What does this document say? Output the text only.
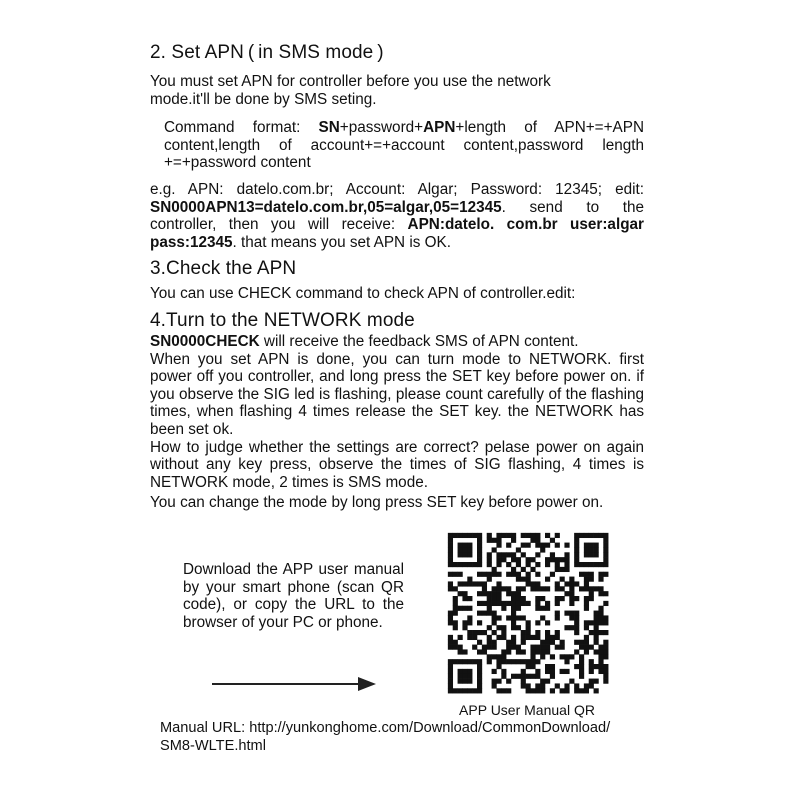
2. Set APN ( in SMS mode )

You must set APN for controller before you use the network mode.it'll be done by SMS seting.

Command format: SN+password+APN+length of APN+=+APN content,length of account+=+account content,password length +=+password content

e.g. APN: datelo.com.br; Account: Algar; Password: 12345; edit: SN0000APN13=datelo.com.br,05=algar,05=12345. send to the controller, then you will receive: APN:datelo. com.br user:algar pass:12345. that means you set APN is OK.

3.Check the APN

You can use CHECK command to check APN of controller.edit:

4.Turn to the NETWORK mode

SN0000CHECK will receive the feedback SMS of APN content.

When you set APN is done, you can turn mode to NETWORK. first power off you controller, and long press the SET key before power on. if you observe the SIG led is flashing, please count carefully of the flashing times, when flashing 4 times release the SET key. the NETWORK has been set ok.

How to judge whether the settings are correct? pelase power on again without any key press, observe the times of SIG flashing, 4 times is NETWORK mode, 2 times is SMS mode.

You can change the mode by long press SET key before power on.

Download the APP user manual by your smart phone (scan QR code), or copy the URL to the browser of your PC or phone.

APP User Manual QR

Manual URL: http://yunkonghome.com/Download/CommonDownload/
SM8-WLTE.html
